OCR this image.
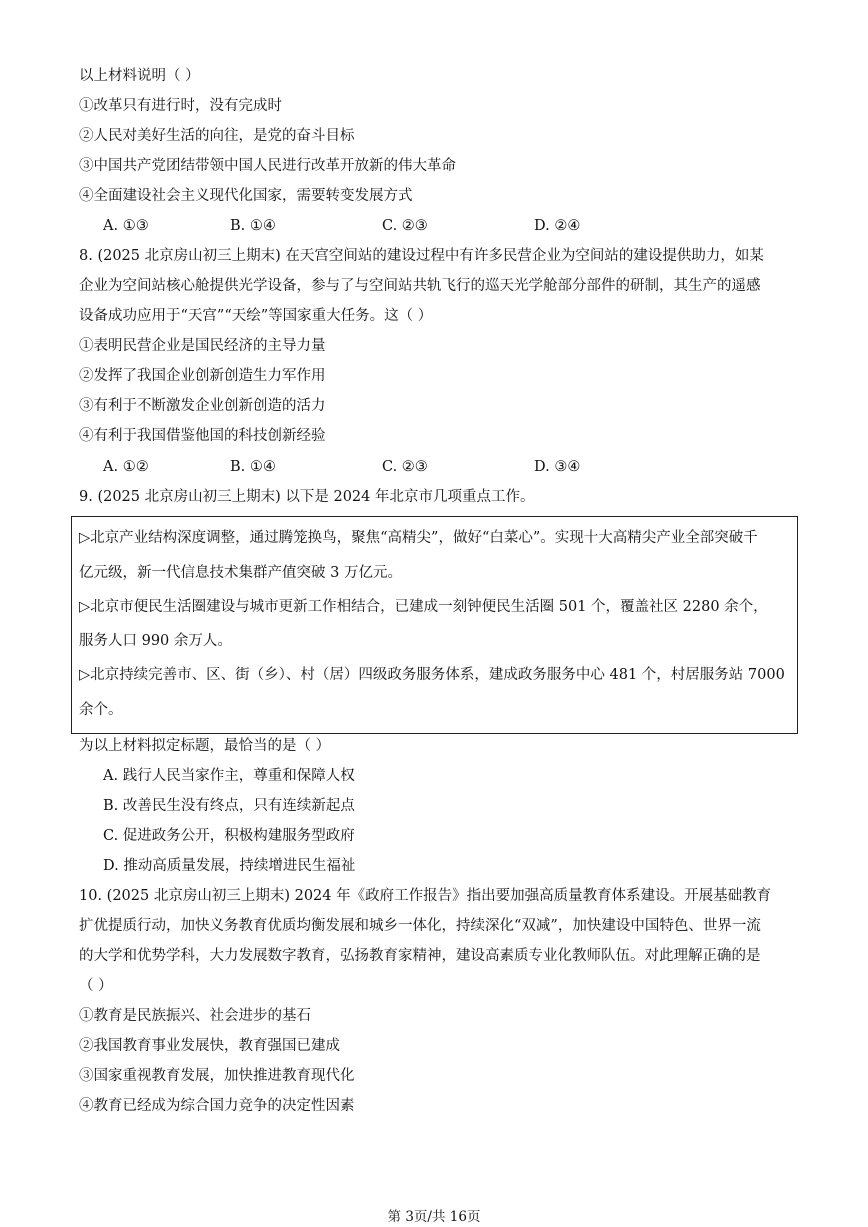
以上材料说明（ ）
①改革只有进行时，没有完成时
②人民对美好生活的向往，是党的奋斗目标
③中国共产党团结带领中国人民进行改革开放新的伟大革命
④全面建设社会主义现代化国家，需要转变发展方式
A. ①③	B. ①④	C. ②③	D. ②④
8. (2025 北京房山初三上期末) 在天宫空间站的建设过程中有许多民营企业为空间站的建设提供助力，如某
企业为空间站核心舱提供光学设备，参与了与空间站共轨飞行的巡天光学舱部分部件的研制，其生产的遥感
设备成功应用于“天宫”“天绘”等国家重大任务。这（ ）
①表明民营企业是国民经济的主导力量
②发挥了我国企业创新创造生力军作用
③有利于不断激发企业创新创造的活力
④有利于我国借鉴他国的科技创新经验
A. ①②	B. ①④	C. ②③	D. ③④
9. (2025 北京房山初三上期末) 以下是 2024 年北京市几项重点工作。
▷北京产业结构深度调整，通过腾笼换鸟，聚焦“高精尖”，做好“白菜心”。实现十大高精尖产业全部突破千
亿元级，新一代信息技术集群产值突破 3 万亿元。
▷北京市便民生活圈建设与城市更新工作相结合，已建成一刻钟便民生活圈 501 个，覆盖社区 2280 余个，
服务人口 990 余万人。
▷北京持续完善市、区、街（乡）、村（居）四级政务服务体系，建成政务服务中心 481 个，村居服务站 7000
余个。
为以上材料拟定标题，最恰当的是（ ）
A. 践行人民当家作主，尊重和保障人权
B. 改善民生没有终点，只有连续新起点
C. 促进政务公开，积极构建服务型政府
D. 推动高质量发展，持续增进民生福祉
10. (2025 北京房山初三上期末) 2024 年《政府工作报告》指出要加强高质量教育体系建设。开展基础教育
扩优提质行动，加快义务教育优质均衡发展和城乡一体化，持续深化“双减”，加快建设中国特色、世界一流
的大学和优势学科，大力发展数字教育，弘扬教育家精神，建设高素质专业化教师队伍。对此理解正确的是
（ ）
①教育是民族振兴、社会进步的基石
②我国教育事业发展快，教育强国已建成
③国家重视教育发展，加快推进教育现代化
④教育已经成为综合国力竞争的决定性因素
第 3页/共 16页
